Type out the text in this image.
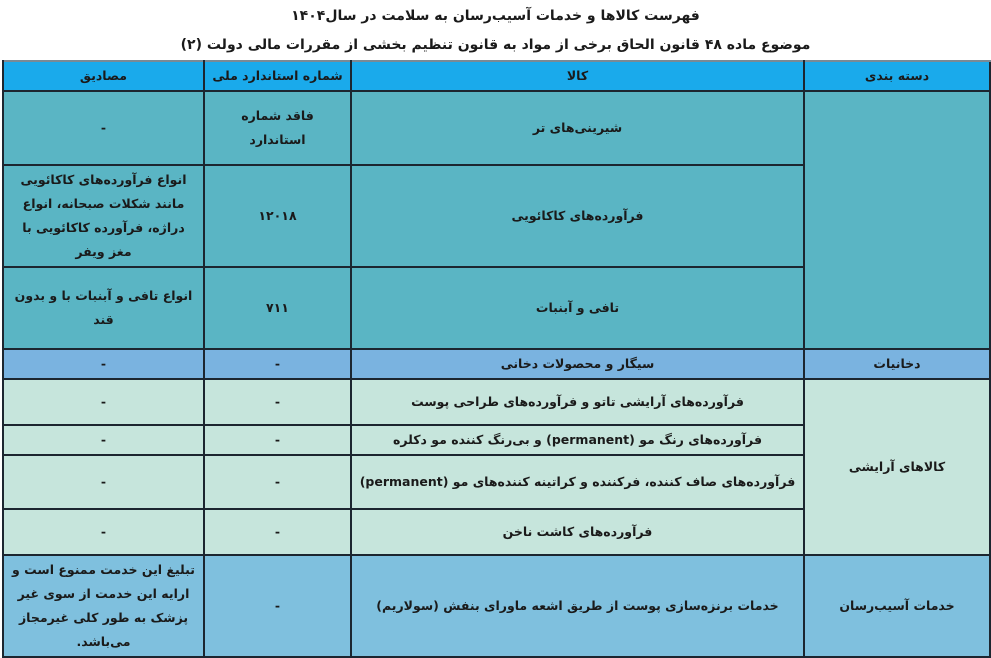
فهرست کالاها و خدمات آسیب‌رسان به سلامت در سال۱۴۰۴
موضوع ماده ۴۸ قانون الحاق برخی از مواد به قانون تنظیم بخشی از مقررات مالی دولت (۲)
دسته بندی	کالا	شماره استاندارد ملی	مصادیق
	شیرینی‌های تر	فاقد شماره استاندارد	-
	فرآورده‌های کاکائویی	۱۲۰۱۸	انواع فرآورده‌های کاکائویی مانند شکلات صبحانه، انواع دراژه، فرآورده کاکائویی با مغز ویفر
	تافی و آبنبات	۷۱۱	انواع تافی و آبنبات با و بدون قند
دخانیات	سیگار و محصولات دخانی	-	-
کالاهای آرایشی	فرآورده‌های آرایشی تاتو و فرآورده‌های طراحی پوست	-	-
	فرآورده‌های رنگ مو (permanent) و بی‌رنگ کننده مو دکلره	-	-
	فرآورده‌های صاف کننده، فرکننده و کراتینه کننده‌های مو (permanent)	-	-
	فرآورده‌های کاشت ناخن	-	-
خدمات آسیب‌رسان	خدمات برنزه‌سازی پوست از طریق اشعه ماورای بنفش (سولاریم)	-	تبلیغ این خدمت ممنوع است و ارایه این خدمت از سوی غیر پزشک به طور کلی غیرمجاز می‌باشد.
